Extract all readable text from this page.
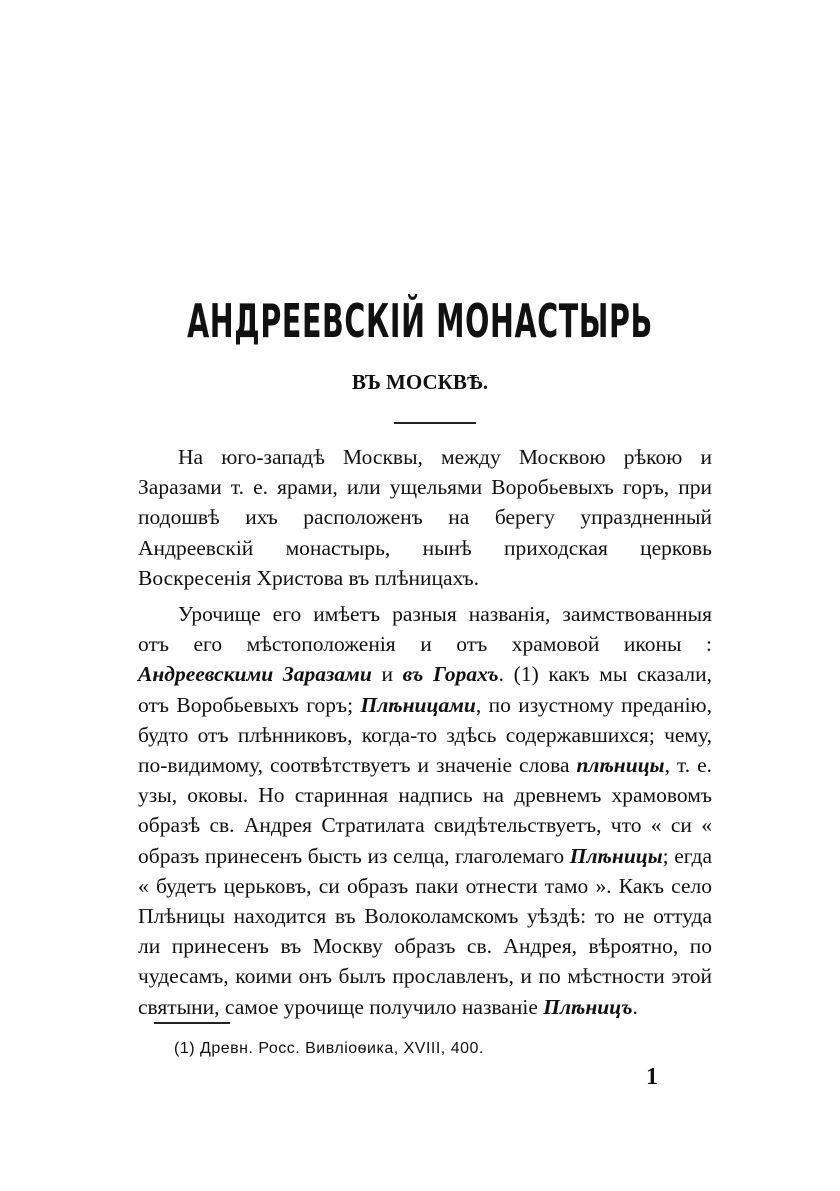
АНДРЕЕВСКІЙ МОНАСТЫРЬ
ВЪ МОСКВѢ.

На юго-западѣ Москвы, между Москвою рѣкою и Заразами т. е. ярами, или ущельями Воробьевыхъ горъ, при подошвѣ ихъ расположенъ на берегу упраздненный Андреевскій монастырь, нынѣ приходская церковь Воскресенія Христова въ плѣницахъ.

Урочище его имѣетъ разныя названія, заимствованныя отъ его мѣстоположенія и отъ храмовой иконы : Андреевскими Заразами и въ Горахъ. (1) какъ мы сказали, отъ Воробьевыхъ горъ; Плѣницами, по изустному преданію, будто отъ плѣнниковъ, когда-то здѣсь содержавшихся; чему, по-видимому, соотвѣтствуетъ и значеніе слова плѣницы, т. е. узы, оковы. Но старинная надпись на древнемъ храмовомъ образѣ св. Андрея Стратилата свидѣтельствуетъ, что « си « образъ принесенъ бысть из селца, глаголемаго Плѣницы; егда « будетъ церьковъ, си образъ паки отнести тамо ». Какъ село Плѣницы находится въ Волоколамскомъ уѣздѣ: то не оттуда ли принесенъ въ Москву образъ св. Андрея, вѣроятно, по чудесамъ, коими онъ былъ прославленъ, и по мѣстности этой святыни, самое урочище получило названіе Плѣницъ.

(1) Древн. Росс. Вивліоѳика, XVIII, 400.

1
